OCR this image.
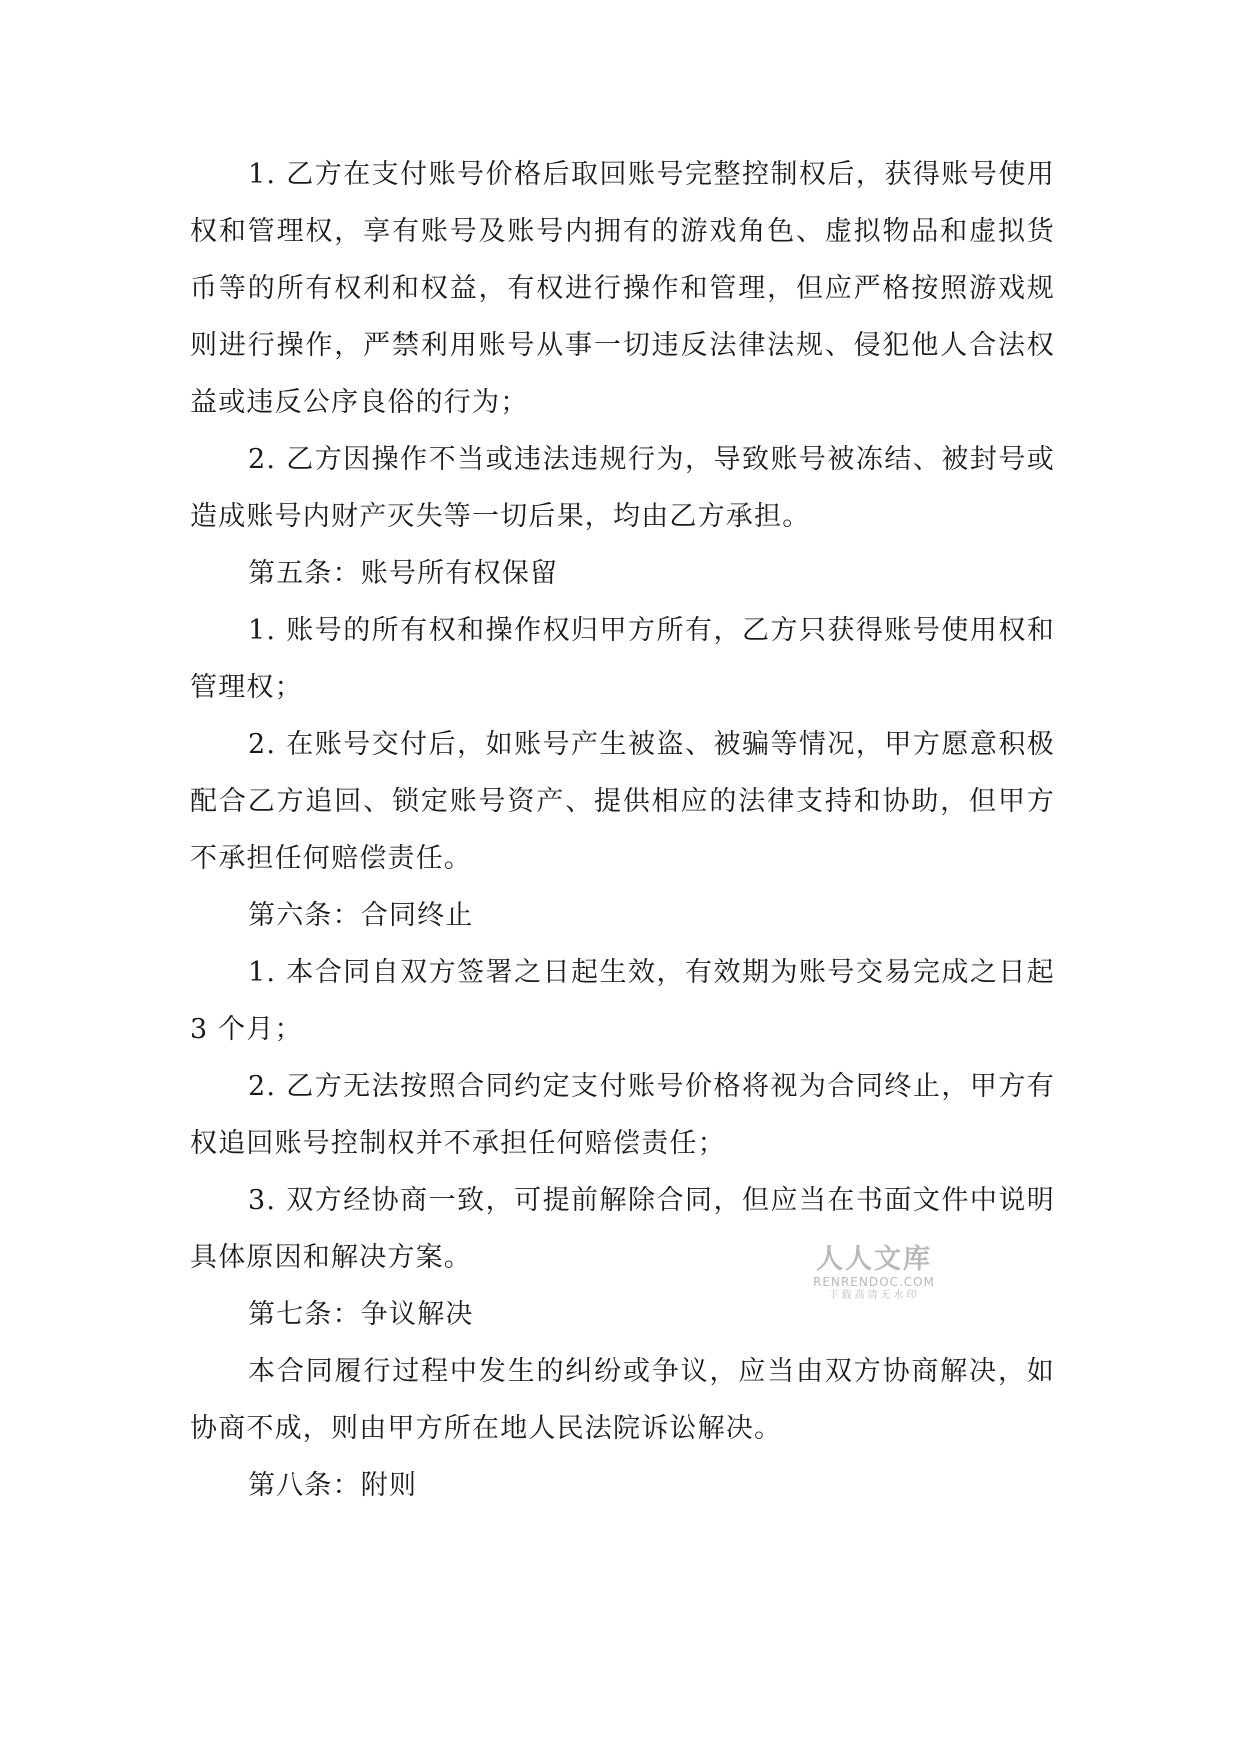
1. 乙方在支付账号价格后取回账号完整控制权后，获得账号使用权和管理权，享有账号及账号内拥有的游戏角色、虚拟物品和虚拟货币等的所有权利和权益，有权进行操作和管理，但应严格按照游戏规则进行操作，严禁利用账号从事一切违反法律法规、侵犯他人合法权益或违反公序良俗的行为；

2. 乙方因操作不当或违法违规行为，导致账号被冻结、被封号或造成账号内财产灭失等一切后果，均由乙方承担。

第五条：账号所有权保留

1. 账号的所有权和操作权归甲方所有，乙方只获得账号使用权和管理权；

2. 在账号交付后，如账号产生被盗、被骗等情况，甲方愿意积极配合乙方追回、锁定账号资产、提供相应的法律支持和协助，但甲方不承担任何赔偿责任。

第六条：合同终止

1. 本合同自双方签署之日起生效，有效期为账号交易完成之日起 3 个月；

2. 乙方无法按照合同约定支付账号价格将视为合同终止，甲方有权追回账号控制权并不承担任何赔偿责任；

3. 双方经协商一致，可提前解除合同，但应当在书面文件中说明具体原因和解决方案。

第七条：争议解决

本合同履行过程中发生的纠纷或争议，应当由双方协商解决，如协商不成，则由甲方所在地人民法院诉讼解决。

第八条：附则

人人文库
RENRENDOC.COM
下载高清无水印
